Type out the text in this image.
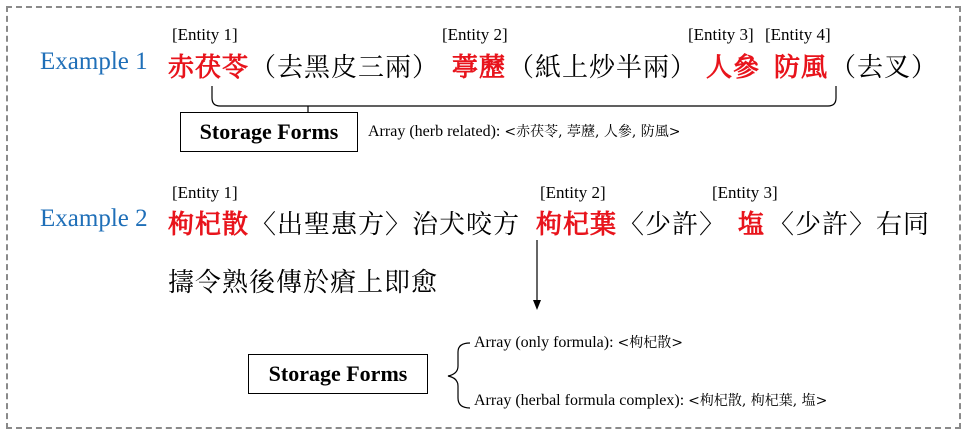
[Entity 1]	[Entity 2]	[Entity 3] [Entity 4]
Example 1 赤茯苓 （去黑皮三兩） 葶藶 （紙上炒半兩） 人參 防風 （去叉）
Storage Forms Array (herb related): <赤茯苓, 葶藶, 人參, 防風>
[Entity 1]	[Entity 2]	[Entity 3]
Example 2 枸杞散 〈出聖惠方〉治犬咬方 枸杞葉 〈少許〉 塩 〈少許〉右同
擣令熟後傳於瘡上即愈
Storage Forms
Array (only formula): <枸杞散>
Array (herbal formula complex): <枸杞散, 枸杞葉, 塩>
